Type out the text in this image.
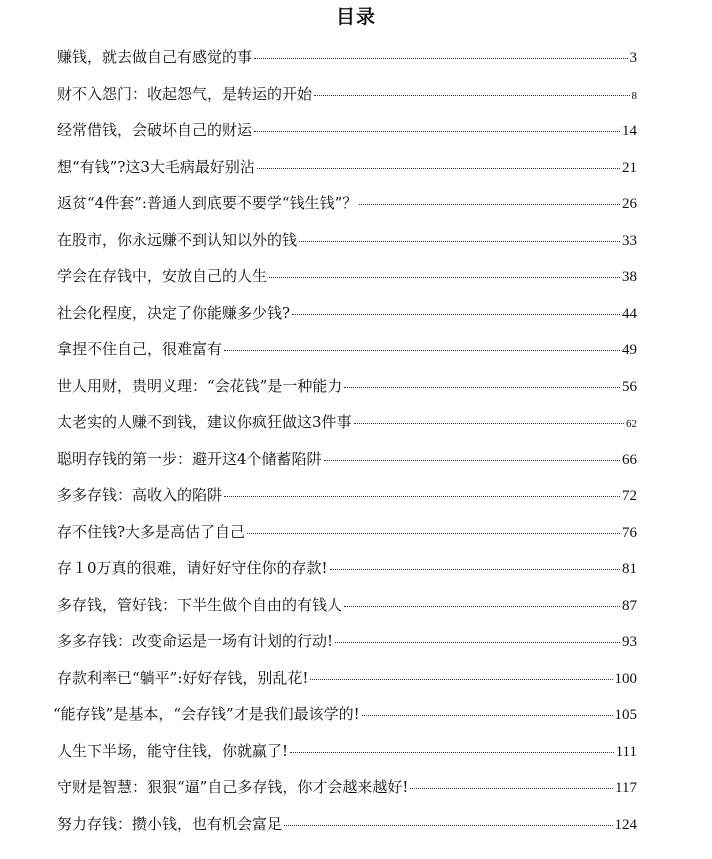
目录
赚钱，就去做自己有感觉的事	3
财不入怨门：收起怨气，是转运的开始	8
经常借钱，会破坏自己的财运	14
想“有钱”?这3大毛病最好别沾	21
返贫“4件套”:普通人到底要不要学“钱生钱”？	26
在股市，你永远赚不到认知以外的钱	33
学会在存钱中，安放自己的人生	38
社会化程度，决定了你能赚多少钱?	44
拿捏不住自己，很难富有	49
世人用财，贵明义理：“会花钱”是一种能力	56
太老实的人赚不到钱，建议你疯狂做这3件事	62
聪明存钱的第一步：避开这4个储蓄陷阱	66
多多存钱：高收入的陷阱	72
存不住钱?大多是高估了自己	76
存１0万真的很难，请好好守住你的存款!	81
多存钱，管好钱：下半生做个自由的有钱人	87
多多存钱：改变命运是一场有计划的行动!	93
存款利率已“躺平”:好好存钱，别乱花!	100
“能存钱”是基本，“会存钱”才是我们最该学的!	105
人生下半场，能守住钱，你就赢了!	111
守财是智慧：狠狠“逼”自己多存钱，你才会越来越好!	117
努力存钱：攒小钱，也有机会富足	124
